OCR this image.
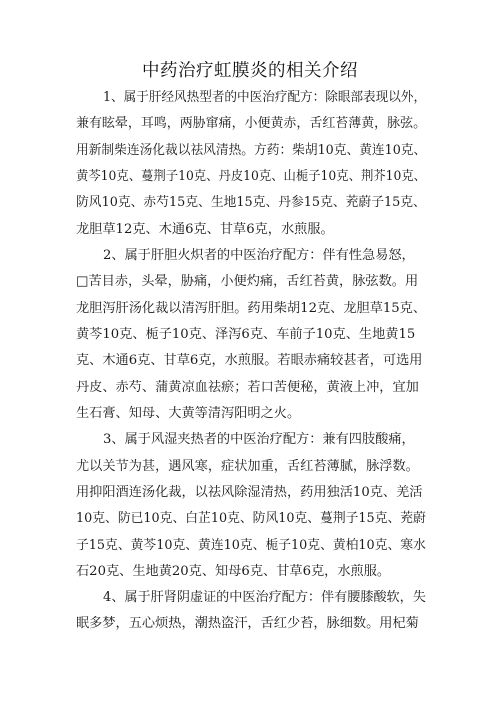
中药治疗虹膜炎的相关介绍
1、属于肝经风热型者的中医治疗配方：除眼部表现以外，
兼有眩晕，耳鸣，两胁窜痛，小便黄赤，舌红苔薄黄，脉弦。
用新制柴连汤化裁以祛风清热。方药：柴胡10克、黄连10克、
黄芩10克、蔓荆子10克、丹皮10克、山栀子10克、荆芥10克、
防风10克、赤芍15克、生地15克、丹参15克、茺蔚子15克、
龙胆草12克、木通6克、甘草6克，水煎服。
2、属于肝胆火炽者的中医治疗配方：伴有性急易怒，
□苦目赤，头晕，胁痛，小便灼痛，舌红苔黄，脉弦数。用
龙胆泻肝汤化裁以清泻肝胆。药用柴胡12克、龙胆草15克、
黄芩10克、栀子10克、泽泻6克、车前子10克、生地黄15
克、木通6克、甘草6克，水煎服。若眼赤痛较甚者，可选用
丹皮、赤芍、蒲黄凉血祛瘀；若口苦便秘，黄液上冲，宜加
生石膏、知母、大黄等清泻阳明之火。
3、属于风湿夹热者的中医治疗配方：兼有四肢酸痛，
尤以关节为甚，遇风寒，症状加重，舌红苔薄腻，脉浮数。
用抑阳酒连汤化裁，以祛风除湿清热，药用独活10克、羌活
10克、防已10克、白芷10克、防风10克、蔓荆子15克、茺蔚
子15克、黄芩10克、黄连10克、栀子10克、黄柏10克、寒水
石20克、生地黄20克、知母6克、甘草6克，水煎服。
4、属于肝肾阴虚证的中医治疗配方：伴有腰膝酸软，失
眠多梦，五心烦热，潮热盗汗，舌红少苔，脉细数。用杞菊
